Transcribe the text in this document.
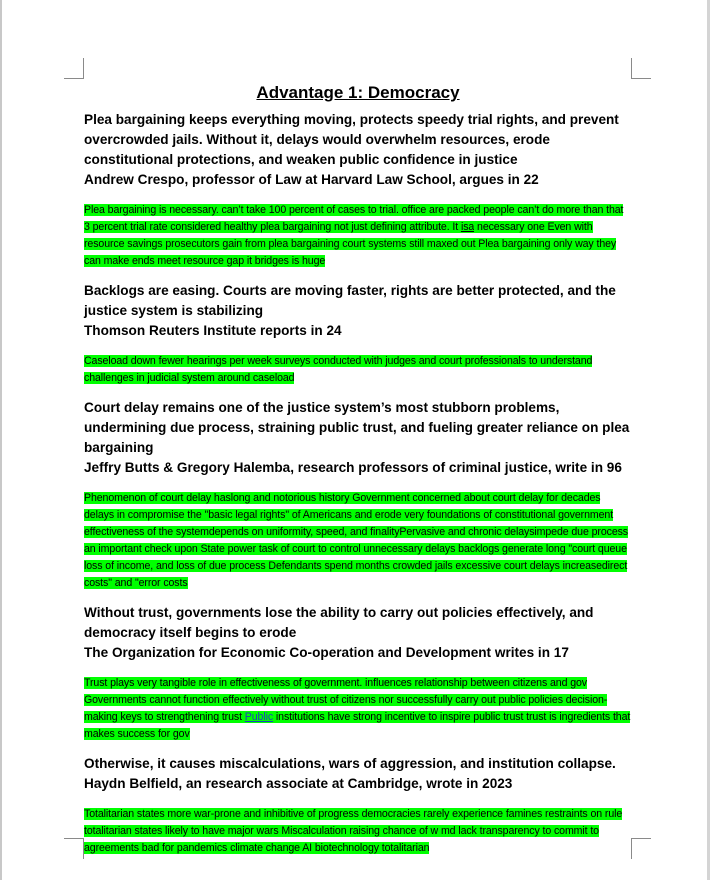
Advantage 1: Democracy

Plea bargaining keeps everything moving, protects speedy trial rights, and prevent overcrowded jails. Without it, delays would overwhelm resources, erode constitutional protections, and weaken public confidence in justice

Andrew Crespo, professor of Law at Harvard Law School, argues in 22

Plea bargaining is necessary. can’t take 100 percent of cases to trial. office are packed people can’t do more than that 3 percent trial rate considered healthy plea bargaining not just defining attribute. It isa necessary one Even with resource savings prosecutors gain from plea bargaining court systems still maxed out Plea bargaining only way they can make ends meet resource gap it bridges is huge

Backlogs are easing. Courts are moving faster, rights are better protected, and the justice system is stabilizing

Thomson Reuters Institute reports in 24

Caseload down fewer hearings per week surveys conducted with judges and court professionals to understand challenges in judicial system around caseload

Court delay remains one of the justice system’s most stubborn problems, undermining due process, straining public trust, and fueling greater reliance on plea bargaining

Jeffry Butts & Gregory Halemba, research professors of criminal justice, write in 96

Phenomenon of court delay haslong and notorious history Government concerned about court delay for decades delays in compromise the "basic legal rights" of Americans and erode very foundations of constitutional government effectiveness of the systemdepends on uniformity, speed, and finalityPervasive and chronic delaysimpede due process an important check upon State power task of court to control unnecessary delays backlogs generate long "court queue loss of income, and loss of due process Defendants spend months crowded jails excessive court delays increasedirect costs" and "error costs

Without trust, governments lose the ability to carry out policies effectively, and democracy itself begins to erode

The Organization for Economic Co-operation and Development writes in 17

Trust plays very tangible role in effectiveness of government. influences relationship between citizens and gov Governments cannot function effectively without trust of citizens nor successfully carry out public policies decision-making keys to strengthening trust Public institutions have strong incentive to inspire public trust trust is ingredients that makes success for gov

Otherwise, it causes miscalculations, wars of aggression, and institution collapse.

Haydn Belfield, an research associate at Cambridge, wrote in 2023

Totalitarian states more war-prone and inhibitive of progress democracies rarely experience famines restraints on rule totalitarian states likely to have major wars Miscalculation raising chance of w md lack transparency to commit to agreements bad for pandemics climate change AI biotechnology totalitarian
